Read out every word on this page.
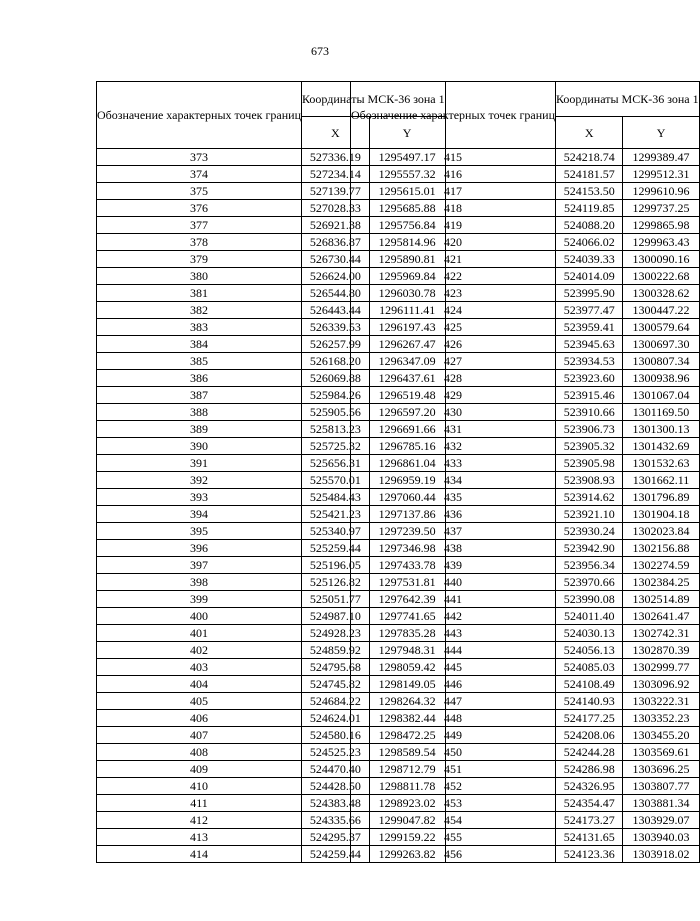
673
Обозначение характерных точек границ	Координаты МСК-36 зона 1	
	X	Y
373	527336.19	1295497.17
374	527234.14	1295557.32
375	527139.77	1295615.01
376	527028.33	1295685.88
377	526921.38	1295756.84
378	526836.87	1295814.96
379	526730.44	1295890.81
380	526624.00	1295969.84
381	526544.80	1296030.78
382	526443.44	1296111.41
383	526339.53	1296197.43
384	526257.99	1296267.47
385	526168.20	1296347.09
386	526069.88	1296437.61
387	525984.26	1296519.48
388	525905.56	1296597.20
389	525813.23	1296691.66
390	525725.32	1296785.16
391	525656.31	1296861.04
392	525570.01	1296959.19
393	525484.43	1297060.44
394	525421.23	1297137.86
395	525340.97	1297239.50
396	525259.44	1297346.98
397	525196.05	1297433.78
398	525126.82	1297531.81
399	525051.77	1297642.39
400	524987.10	1297741.65
401	524928.23	1297835.28
402	524859.92	1297948.31
403	524795.68	1298059.42
404	524745.82	1298149.05
405	524684.22	1298264.32
406	524624.01	1298382.44
407	524580.16	1298472.25
408	524525.23	1298589.54
409	524470.40	1298712.79
410	524428.50	1298811.78
411	524383.48	1298923.02
412	524335.66	1299047.82
413	524295.37	1299159.22
414	524259.44	1299263.82
Обозначение характерных точек границ	Координаты МСК-36 зона 1	
	X	Y
415	524218.74	1299389.47
416	524181.57	1299512.31
417	524153.50	1299610.96
418	524119.85	1299737.25
419	524088.20	1299865.98
420	524066.02	1299963.43
421	524039.33	1300090.16
422	524014.09	1300222.68
423	523995.90	1300328.62
424	523977.47	1300447.22
425	523959.41	1300579.64
426	523945.63	1300697.30
427	523934.53	1300807.34
428	523923.60	1300938.96
429	523915.46	1301067.04
430	523910.66	1301169.50
431	523906.73	1301300.13
432	523905.32	1301432.69
433	523905.98	1301532.63
434	523908.93	1301662.11
435	523914.62	1301796.89
436	523921.10	1301904.18
437	523930.24	1302023.84
438	523942.90	1302156.88
439	523956.34	1302274.59
440	523970.66	1302384.25
441	523990.08	1302514.89
442	524011.40	1302641.47
443	524030.13	1302742.31
444	524056.13	1302870.39
445	524085.03	1302999.77
446	524108.49	1303096.92
447	524140.93	1303222.31
448	524177.25	1303352.23
449	524208.06	1303455.20
450	524244.28	1303569.61
451	524286.98	1303696.25
452	524326.95	1303807.77
453	524354.47	1303881.34
454	524173.27	1303929.07
455	524131.65	1303940.03
456	524123.36	1303918.02
